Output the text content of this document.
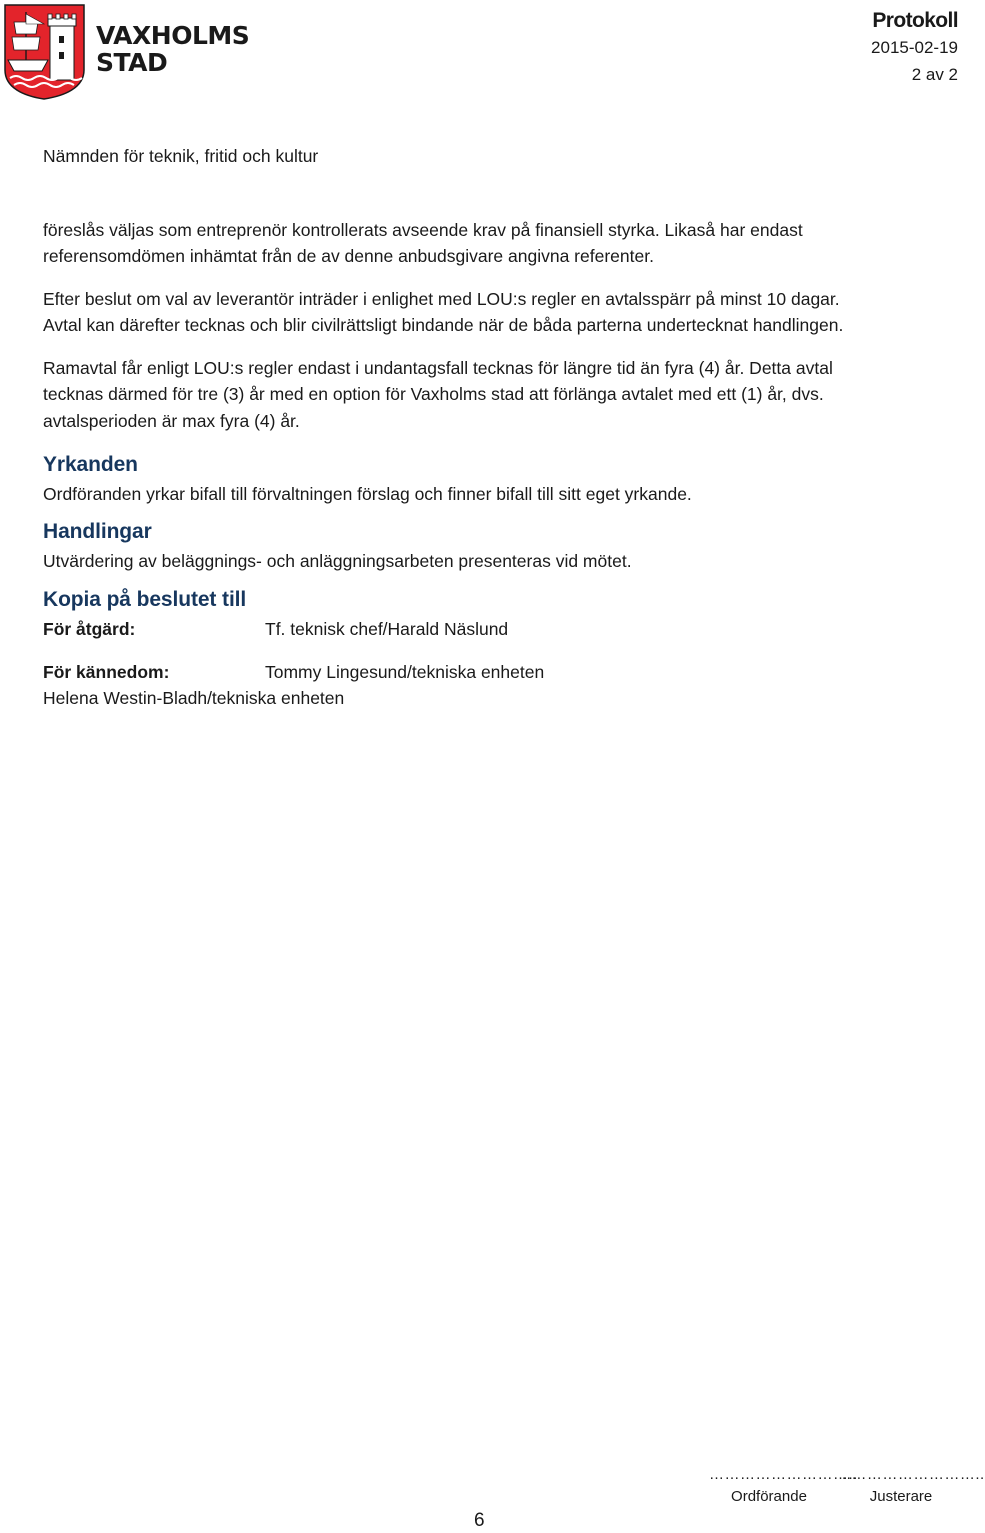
VAXHOLMS
STAD
Protokoll
2015-02-19
2 av 2
Nämnden för teknik, fritid och kultur

föreslås väljas som entreprenör kontrollerats avseende krav på finansiell styrka. Likaså har endast
referensomdömen inhämtat från de av denne anbudsgivare angivna referenter.

Efter beslut om val av leverantör inträder i enlighet med LOU:s regler en avtalsspärr på minst 10 dagar.
Avtal kan därefter tecknas och blir civilrättsligt bindande när de båda parterna undertecknat handlingen.

Ramavtal får enligt LOU:s regler endast i undantagsfall tecknas för längre tid än fyra (4) år. Detta avtal
tecknas därmed för tre (3) år med en option för Vaxholms stad att förlänga avtalet med ett (1) år, dvs.
avtalsperioden är max fyra (4) år.

Yrkanden

Ordföranden yrkar bifall till förvaltningen förslag och finner bifall till sitt eget yrkande.

Handlingar

Utvärdering av beläggnings- och anläggningsarbeten presenteras vid mötet.

Kopia på beslutet till
För åtgärd:	Tf. teknisk chef/Harald Näslund
För kännedom:	Tommy Lingesund/tekniska enheten
Helena Westin-Bladh/tekniska enheten
………………………..
Ordförande
..……………………..
Justerare
6
